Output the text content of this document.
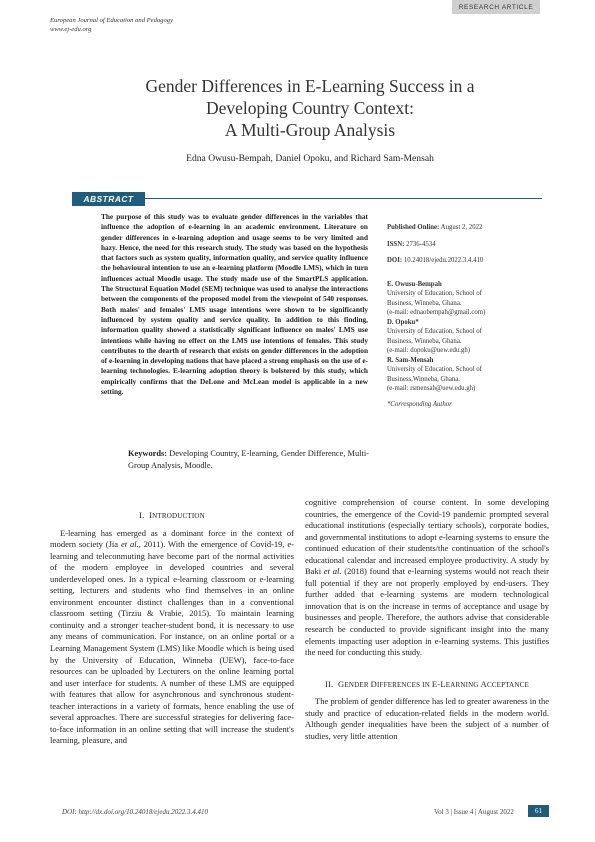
RESEARCH ARTICLE
European Journal of Education and Pedagogy
www.ej-edu.org
Gender Differences in E-Learning Success in a
Developing Country Context:
A Multi-Group Analysis
Edna Owusu-Bempah, Daniel Opoku, and Richard Sam-Mensah
ABSTRACT
The purpose of this study was to evaluate gender differences in the variables that influence the adoption of e-learning in an academic environment. Literature on gender differences in e-learning adoption and usage seems to be very limited and hazy. Hence, the need for this research study. The study was based on the hypothesis that factors such as system quality, information quality, and service quality influence the behavioural intention to use an e-learning platform (Moodle LMS), which in turn influences actual Moodle usage. The study made use of the SmartPLS application. The Structural Equation Model (SEM) technique was used to analyse the interactions between the components of the proposed model from the viewpoint of 540 responses. Both males' and females' LMS usage intentions were shown to be significantly influenced by system quality and service quality. In addition to this finding, information quality showed a statistically significant influence on males' LMS use intentions while having no effect on the LMS use intentions of females. This study contributes to the dearth of research that exists on gender differences in the adoption of e-learning in developing nations that have placed a strong emphasis on the use of e-learning technologies. E-learning adoption theory is bolstered by this study, which empirically confirms that the DeLone and McLean model is applicable in a new setting.
Published Online: August 2, 2022
ISSN: 2736-4534
DOI: 10.24018/ejedu.2022.3.4.410
E. Owusu-Bempah
University of Education, School of
Business, Winneba, Ghana.
(e-mail: ednaobempah@gmail.com)
D. Opoku*
University of Education, School of
Business, Winneba, Ghana.
(e-mail: dopoku@uew.edu.gh)
R. Sam-Mensah
University of Education, School of
Business,Winneba, Ghana.
(e-mail: rsmensah@uew.edu.gh)
*Corresponding Author
Keywords: Developing Country, E-learning, Gender Difference, Multi-Group Analysis, Moodle.
I. INTRODUCTION

E-learning has emerged as a dominant force in the context of modern society (Jia et al., 2011). With the emergence of Covid-19, e-learning and teleconmuting have become part of the normal activities of the modern employee in developed countries and several underdeveloped ones. In a typical e-learning classroom or e-learning setting, lecturers and students who find themselves in an online environment encounter distinct challenges than in a conventional classroom setting (Tirziu & Vrabie, 2015). To maintain learning continuity and a stronger teacher-student bond, it is necessary to use any means of communication. For instance, on an online portal or a Learning Management System (LMS) like Moodle which is being used by the University of Education, Winneba (UEW), face-to-face resources can be uploaded by Lecturers on the online learning portal and user interface for students. A number of these LMS are equipped with features that allow for asynchronous and synchronous student-teacher interactions in a variety of formats, hence enabling the use of several approaches. There are successful strategies for delivering face-to-face information in an online setting that will increase the student's learning, pleasure, and

cognitive comprehension of course content. In some developing countries, the emergence of the Covid-19 pandemic prompted several educational institutions (especially tertiary schools), corporate bodies, and governmental institutions to adopt e-learning systems to ensure the continued education of their students/the continuation of the school's educational calendar and increased employee productivity. A study by Baki et al. (2018) found that e-learning systems would not reach their full potential if they are not properly employed by end-users. They further added that e-learning systems are modern technological innovation that is on the increase in terms of acceptance and usage by businesses and people. Therefore, the authors advise that considerable research be conducted to provide significant insight into the many elements impacting user adoption in e-learning systems. This justifies the need for conducting this study.

II. GENDER DIFFERENCES IN E-LEARNING ACCEPTANCE

The problem of gender difference has led to greater awareness in the study and practice of education-related fields in the modern world. Although gender inequalities have been the subject of a number of studies, very little attention

DOI: http://dx.doi.org/10.24018/ejedu.2022.3.4.410	Vol 3 | Issue 4 | August 2022	61
